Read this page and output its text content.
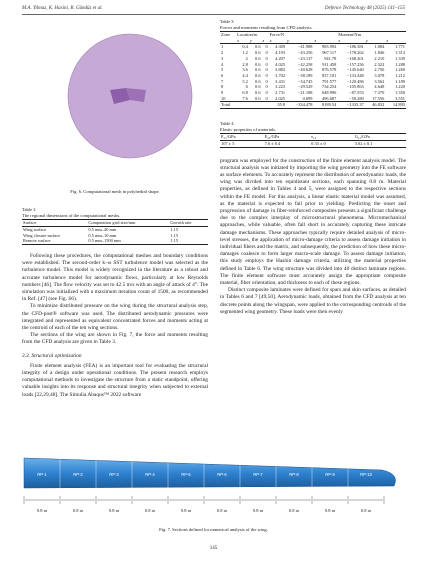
M.A. Yilmaz, K. Hasini, B. Gündüz et al.	Defence Technology 48 (2025) 141–155
Fig. 6. Computational mesh in polyhedral shape.
Table 2
The regional dimensions of the computational meshs.
Surface	Computation grid size/mm	Growth rate
Wing surface	0.5 mm–40 mm	1.15
Wing closure surface	0.5 mm–10 mm	1.15
Remote surface	0.5 mm–1500 mm	1.15

Following these procedures, the computational meshes and boundary conditions were established. The second-order k–ω SST turbulence model was selected as the turbulence model. This model is widely recognized in the literature as a robust and accurate turbulence model for aerodynamic flows, particularly at low Reynolds numbers [46]. The flow velocity was set to 42.5 m/s with an angle of attack of 4°. The simulation was initialized with a maximum iteration count of 1500, as recommended in Ref. [47] (see Fig. S6).

To minimize distributed pressure on the wing during the structural analysis step, the CFD-post® software was used. The distributed aerodynamic pressures were integrated and represented as equivalent concentrated forces and moments acting at the centroid of each of the ten wing sections.

The sections of the wing are shown in Fig. 7, the force and moments resulting from the CFD analysis are given in Table 3.

3.3. Structural optimization

Finite element analysis (FEA) is an important tool for evaluating the structural integrity of a design under operational conditions. The present research employs computational methods to investigate the structure from a static standpoint, offering valuable insights into its response and structural integrity when subjected to external loads [22,29,48]. The Simulia Abaqus™ 2022 software

Table 3
Forces and moments resulting from CFD analysis.
Zone	Location/m			Force/N			Moment/Nm		
	x	y	z	x	y	z	x	y	z
1	0.4	0.6	0	4.309	−41.988	983.992	−186.381	1.084	1.771
2	1.2	0.6	0	4.193	−43.256	967.117	−178.262	1.846	1.313
3	2	0.6	0	4.207	−43.137	941.78	−168.201	2.210	1.339
4	2.8	0.6	0	4.025	−42.258	911.458	−157.256	2.322	1.288
5	3.6	0.6	0	3.882	−40.628	876.578	−145.640	2.756	1.260
6	4.4	0.6	0	3.702	−38.189	837.101	−133.448	3.078	1.212
7	5.2	0.6	0	3.431	−34.745	791.577	−120.486	3.562	1.189
8	6	0.6	0	3.225	−29.529	734.254	−105.863	4.648	1.220
9	6.8	0.6	0	2.731	−21.188	648.996	−87.553	7.370	1.350
10	7.6	0.6	0	2.025	0.099	496.687	−50.280	17.556	3.551
Total				35.8	−334.478	8189.54	−1333.37	46.832	14.893
Table 4
Elastic properties of materials.
E₁₁/GPa	E₂₂/GPa	ν₁₂	G₁₂/GPa
107 ± 5	7.6 ± 0.4	0.33 ± 0	3.02 ± 0.1

program was employed for the construction of the finite element analysis model. The structural analysis was initiated by importing the wing geometry into the FE software as surface elements. To accurately represent the distribution of aerodynamic loads, the wing was divided into ten equidistant sections, each spanning 0.8 m. Material properties, as defined in Tables 4 and 5, were assigned to the respective sections within the FE model. For this analysis, a linear elastic material model was assumed, as the material is expected to fail prior to yielding. Predicting the onset and progression of damage in fiber-reinforced composites presents a significant challenge due to the complex interplay of microstructural phenomena. Micromechanical approaches, while valuable, often fall short in accurately capturing these intricate damage mechanisms. These approaches typically require detailed analysis of micro-level stresses, the application of micro-damage criteria to assess damage initiation in individual fibers and the matrix, and subsequently, the prediction of how these micro-damages coalesce to form larger macro-scale damage. To assess damage initiation, this study employs the Hashin damage criteria, utilizing the material properties defined in Table 6. The wing structure was divided into 40 distinct laminate regions. The finite element software must accurately assign the appropriate composite material, fiber orientation, and thickness to each of these regions.

Distinct composite laminates were defined for spars and skin surfaces, as detailed in Tables 6 and 7 [49,50]. Aerodynamic loads, obtained from the CFD analysis at ten discrete points along the wingspan, were applied to the corresponding centroids of the segmented wing geometry. These loads were then evenly

RP-1
0.8 m
RP-2
0.8 m
RP-3
0.8 m
RP-4
0.8 m
RP-5
0.8 m
RP-6
0.8 m
RP-7
0.8 m
RP-8
0.8 m
RP-9
0.8 m
RP-10
0.8 m
Fig. 7. Sections defined for numerical analysis of the wing.
145
